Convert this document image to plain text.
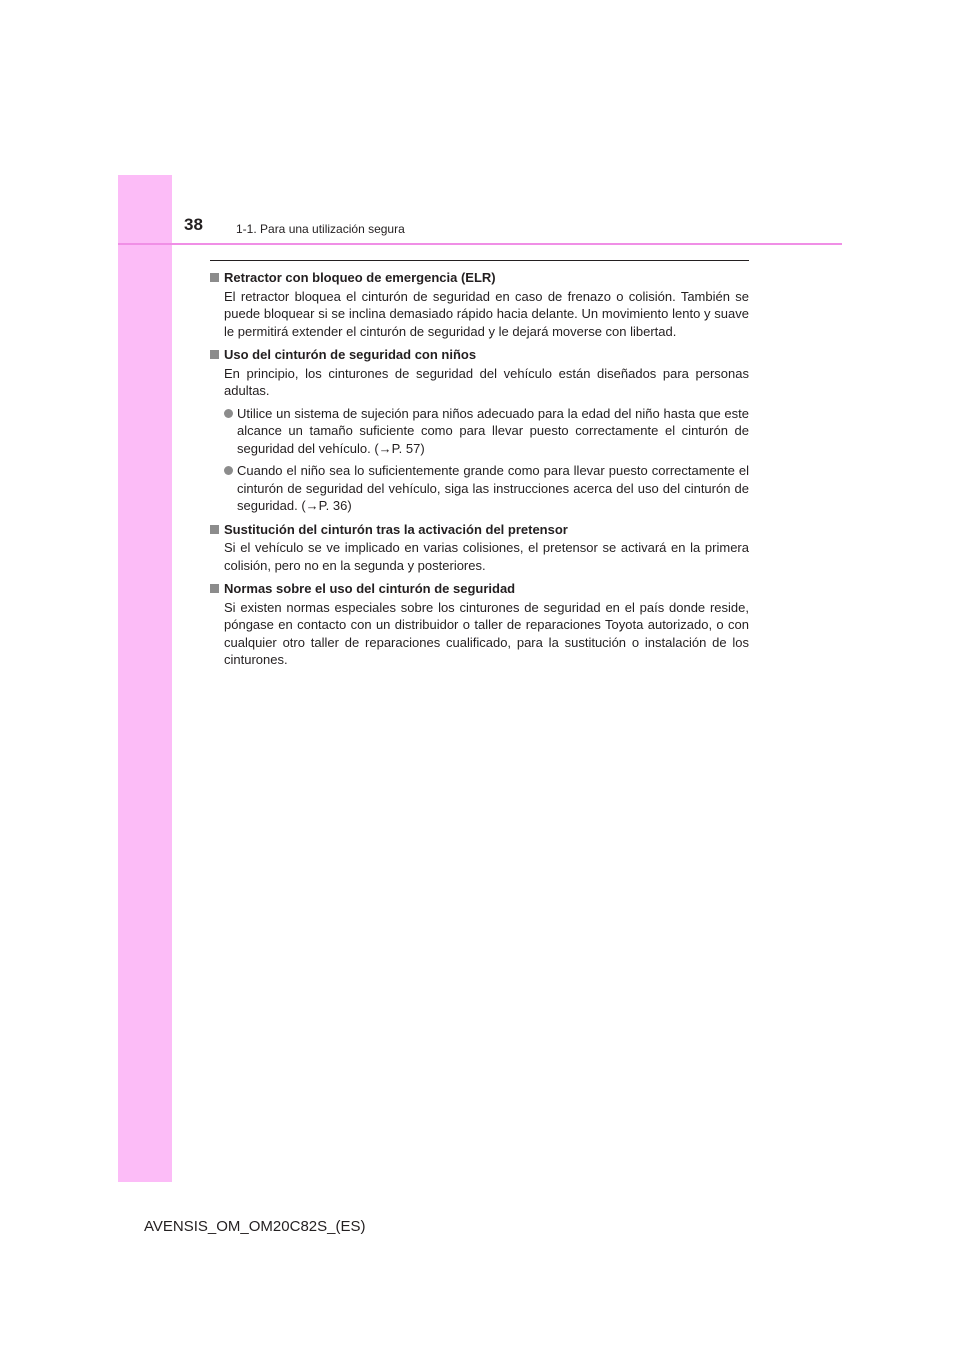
38	1-1. Para una utilización segura
Retractor con bloqueo de emergencia (ELR)
El retractor bloquea el cinturón de seguridad en caso de frenazo o colisión. También se puede bloquear si se inclina demasiado rápido hacia delante. Un movimiento lento y suave le permitirá extender el cinturón de seguridad y le dejará moverse con libertad.
Uso del cinturón de seguridad con niños
En principio, los cinturones de seguridad del vehículo están diseñados para personas adultas.
Utilice un sistema de sujeción para niños adecuado para la edad del niño hasta que este alcance un tamaño suficiente como para llevar puesto correctamente el cinturón de seguridad del vehículo. (→P. 57)
Cuando el niño sea lo suficientemente grande como para llevar puesto correctamente el cinturón de seguridad del vehículo, siga las instrucciones acerca del uso del cinturón de seguridad. (→P. 36)
Sustitución del cinturón tras la activación del pretensor
Si el vehículo se ve implicado en varias colisiones, el pretensor se activará en la primera colisión, pero no en la segunda y posteriores.
Normas sobre el uso del cinturón de seguridad
Si existen normas especiales sobre los cinturones de seguridad en el país donde reside, póngase en contacto con un distribuidor o taller de reparaciones Toyota autorizado, o con cualquier otro taller de reparaciones cualificado, para la sustitución o instalación de los cinturones.
AVENSIS_OM_OM20C82S_(ES)
